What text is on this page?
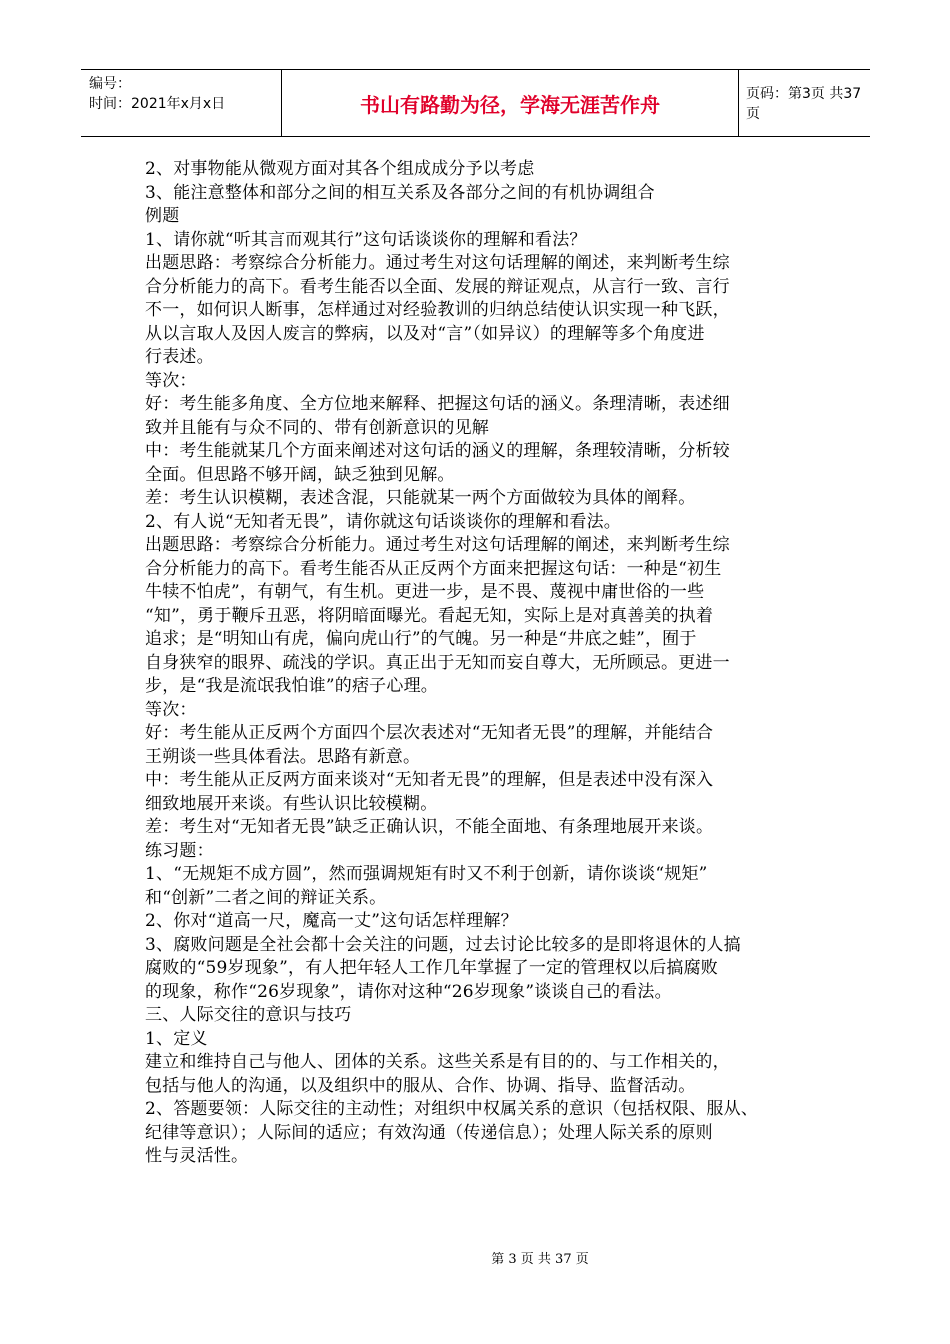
编号：
时间：2021年x月x日	书山有路勤为径，学海无涯苦作舟	页码：第3页 共37页
2、对事物能从微观方面对其各个组成成分予以考虑
3、能注意整体和部分之间的相互关系及各部分之间的有机协调组合
例题
1、请你就“听其言而观其行”这句话谈谈你的理解和看法？
出题思路：考察综合分析能力。通过考生对这句话理解的阐述，来判断考生综
合分析能力的高下。看考生能否以全面、发展的辩证观点，从言行一致、言行
不一，如何识人断事，怎样通过对经验教训的归纳总结使认识实现一种飞跃，
从以言取人及因人废言的弊病，以及对“言”（如异议）的理解等多个角度进
行表述。
等次：
好：考生能多角度、全方位地来解释、把握这句话的涵义。条理清晰，表述细
致并且能有与众不同的、带有创新意识的见解
中：考生能就某几个方面来阐述对这句话的涵义的理解，条理较清晰，分析较
全面。但思路不够开阔，缺乏独到见解。
差：考生认识模糊，表述含混，只能就某一两个方面做较为具体的阐释。
2、有人说“无知者无畏”，请你就这句话谈谈你的理解和看法。
出题思路：考察综合分析能力。通过考生对这句话理解的阐述，来判断考生综
合分析能力的高下。看考生能否从正反两个方面来把握这句话：一种是“初生
牛犊不怕虎”，有朝气，有生机。更进一步，是不畏、蔑视中庸世俗的一些
“知”，勇于鞭斥丑恶，将阴暗面曝光。看起无知，实际上是对真善美的执着
追求；是“明知山有虎，偏向虎山行”的气魄。另一种是“井底之蛙”，囿于
自身狭窄的眼界、疏浅的学识。真正出于无知而妄自尊大，无所顾忌。更进一
步，是“我是流氓我怕谁”的痞子心理。
等次：
好：考生能从正反两个方面四个层次表述对“无知者无畏”的理解，并能结合
王朔谈一些具体看法。思路有新意。
中：考生能从正反两方面来谈对“无知者无畏”的理解，但是表述中没有深入
细致地展开来谈。有些认识比较模糊。
差：考生对“无知者无畏”缺乏正确认识，不能全面地、有条理地展开来谈。
练习题：
1、“无规矩不成方圆”，然而强调规矩有时又不利于创新，请你谈谈“规矩”
和“创新”二者之间的辩证关系。
2、你对“道高一尺，魔高一丈”这句话怎样理解？
3、腐败问题是全社会都十会关注的问题，过去讨论比较多的是即将退休的人搞
腐败的“59岁现象”，有人把年轻人工作几年掌握了一定的管理权以后搞腐败
的现象，称作“26岁现象”，请你对这种“26岁现象”谈谈自己的看法。
三、人际交往的意识与技巧
1、定义
建立和维持自己与他人、团体的关系。这些关系是有目的的、与工作相关的，
包括与他人的沟通，以及组织中的服从、合作、协调、指导、监督活动。
2、答题要领：人际交往的主动性；对组织中权属关系的意识（包括权限、服从、
纪律等意识）；人际间的适应；有效沟通（传递信息）；处理人际关系的原则
性与灵活性。
第 3 页 共 37 页
